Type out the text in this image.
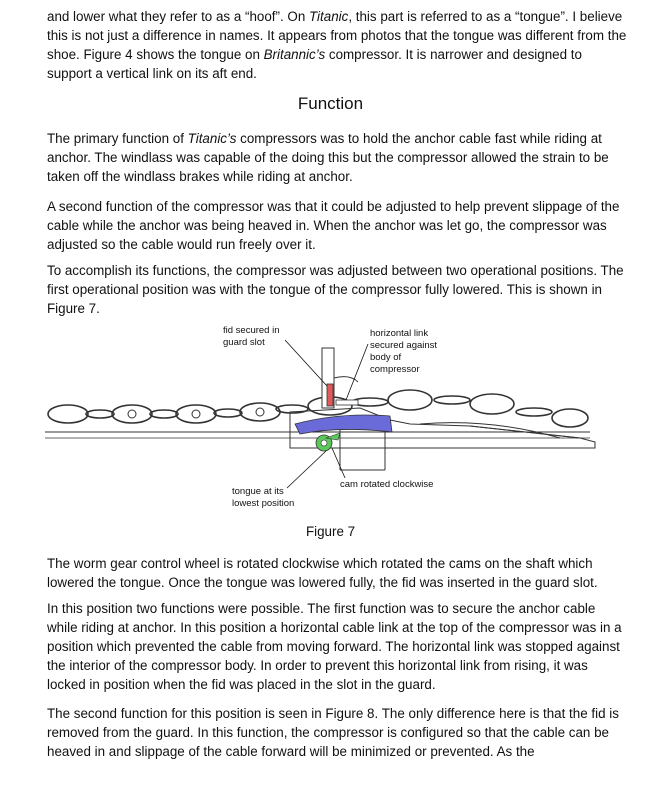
and lower what they refer to as a “hoof”. On Titanic, this part is referred to as a “tongue”. I believe this is not just a difference in names. It appears from photos that the tongue was different from the shoe. Figure 4 shows the tongue on Britannic’s compressor. It is narrower and designed to support a vertical link on its aft end.

Function

The primary function of Titanic’s compressors was to hold the anchor cable fast while riding at anchor. The windlass was capable of the doing this but the compressor allowed the strain to be taken off the windlass brakes while riding at anchor.

A second function of the compressor was that it could be adjusted to help prevent slippage of the cable while the anchor was being heaved in. When the anchor was let go, the compressor was adjusted so the cable would run freely over it.

To accomplish its functions, the compressor was adjusted between two operational positions. The first operational position was with the tongue of the compressor fully lowered. This is shown in Figure 7.

fid secured in
guard slot
horizontal link
secured against
body of
compressor
cam rotated clockwise
tongue at its
lowest position
Figure 7

The worm gear control wheel is rotated clockwise which rotated the cams on the shaft which lowered the tongue. Once the tongue was lowered fully, the fid was inserted in the guard slot.

In this position two functions were possible. The first function was to secure the anchor cable while riding at anchor. In this position a horizontal cable link at the top of the compressor was in a position which prevented the cable from moving forward. The horizontal link was stopped against the interior of the compressor body. In order to prevent this horizontal link from rising, it was locked in position when the fid was placed in the slot in the guard.

The second function for this position is seen in Figure 8. The only difference here is that the fid is removed from the guard. In this function, the compressor is configured so that the cable can be heaved in and slippage of the cable forward will be minimized or prevented. As the
